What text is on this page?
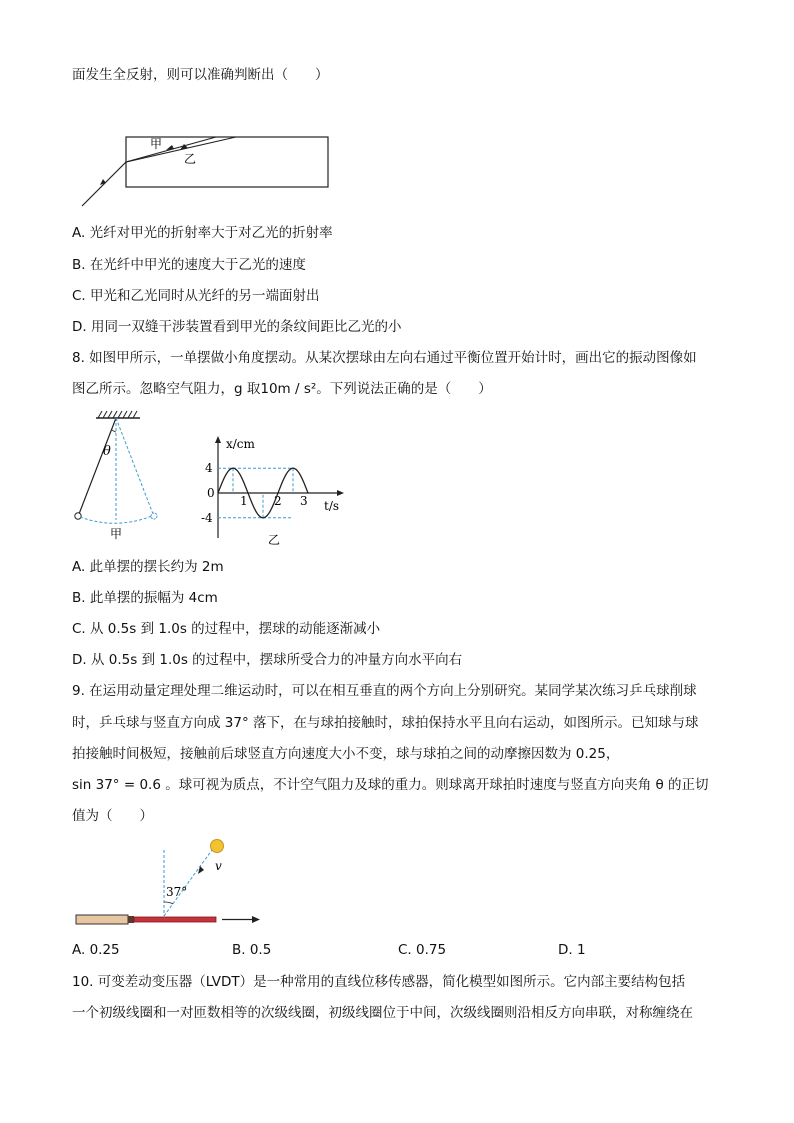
面发生全反射，则可以准确判断出（　　）
甲
乙
A. 光纤对甲光的折射率大于对乙光的折射率
B. 在光纤中甲光的速度大于乙光的速度
C. 甲光和乙光同时从光纤的另一端面射出
D. 用同一双缝干涉装置看到甲光的条纹间距比乙光的小
8. 如图甲所示，一单摆做小角度摆动。从某次摆球由左向右通过平衡位置开始计时，画出它的振动图像如
图乙所示。忽略空气阻力，g 取10m / s²。下列说法正确的是（　　）
θ
甲
x/cm
t/s
4
0
-4
1 2 3
乙
A. 此单摆的摆长约为 2m
B. 此单摆的振幅为 4cm
C. 从 0.5s 到 1.0s 的过程中，摆球的动能逐渐减小
D. 从 0.5s 到 1.0s 的过程中，摆球所受合力的冲量方向水平向右
9. 在运用动量定理处理二维运动时，可以在相互垂直的两个方向上分别研究。某同学某次练习乒乓球削球
时，乒乓球与竖直方向成 37° 落下，在与球拍接触时，球拍保持水平且向右运动，如图所示。已知球与球
拍接触时间极短，接触前后球竖直方向速度大小不变，球与球拍之间的动摩擦因数为 0.25，
sin 37° = 0.6 。球可视为质点，不计空气阻力及球的重力。则球离开球拍时速度与竖直方向夹角 θ 的正切
值为（　　）
v
37°
A. 0.25	B. 0.5	C. 0.75	D. 1
10. 可变差动变压器（LVDT）是一种常用的直线位移传感器，简化模型如图所示。它内部主要结构包括
一个初级线圈和一对匝数相等的次级线圈，初级线圈位于中间，次级线圈则沿相反方向串联，对称缠绕在
